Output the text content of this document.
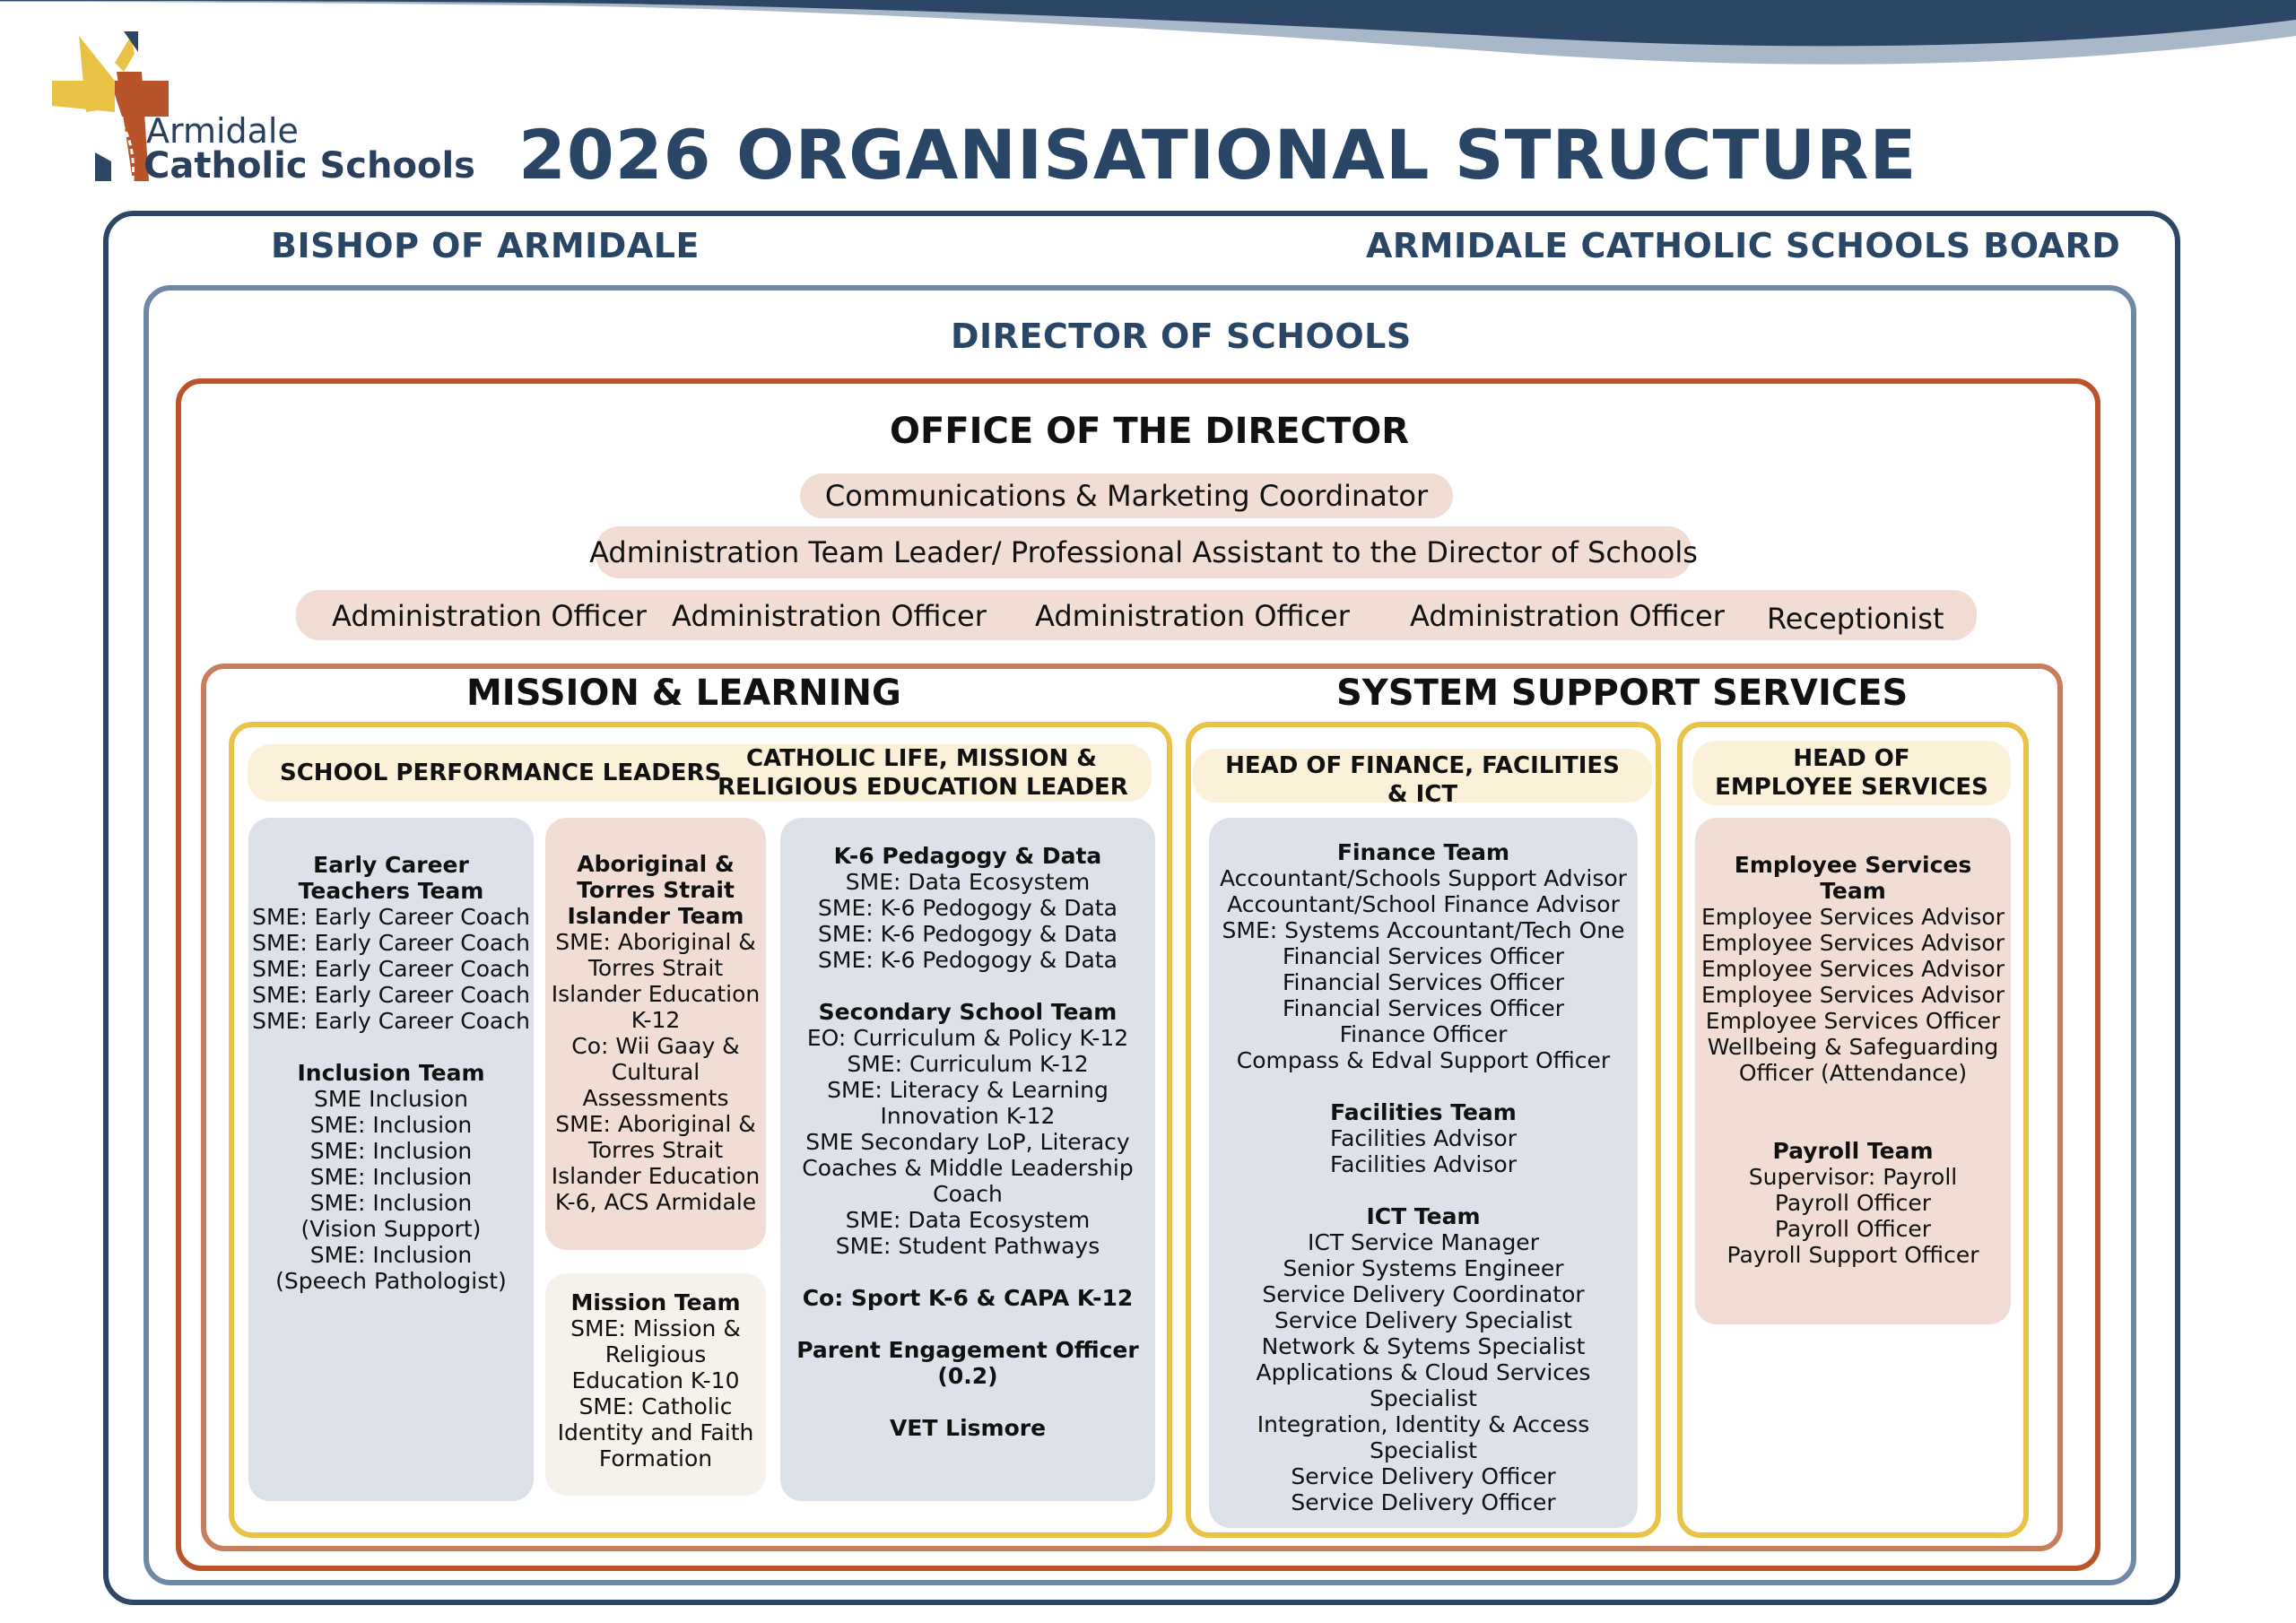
Armidale
Catholic Schools 2026 ORGANISATIONAL STRUCTURE
BISHOP OF ARMIDALE	ARMIDALE CATHOLIC SCHOOLS BOARD
DIRECTOR OF SCHOOLS
OFFICE OF THE DIRECTOR
Communications & Marketing Coordinator
Administration Team Leader/ Professional Assistant to the Director of Schools
Administration Officer Administration Officer Administration Officer Administration Officer Receptionist
MISSION & LEARNING	SYSTEM SUPPORT SERVICES
SCHOOL PERFORMANCE LEADERS
CATHOLIC LIFE, MISSION &
RELIGIOUS EDUCATION LEADER
HEAD OF FINANCE, FACILITIES
& ICT
HEAD OF
EMPLOYEE SERVICES
Early Career
Teachers Team
SME: Early Career Coach
SME: Early Career Coach
SME: Early Career Coach
SME: Early Career Coach
SME: Early Career Coach
Inclusion Team
SME Inclusion
SME: Inclusion
SME: Inclusion
SME: Inclusion
SME: Inclusion
(Vision Support)
SME: Inclusion
(Speech Pathologist)
Aboriginal &
Torres Strait
Islander Team
SME: Aboriginal &
Torres Strait
Islander Education
K-12
Co: Wii Gaay &
Cultural
Assessments
SME: Aboriginal &
Torres Strait
Islander Education
K-6, ACS Armidale
Mission Team
SME: Mission &
Religious
Education K-10
SME: Catholic
Identity and Faith
Formation
K-6 Pedagogy & Data
SME: Data Ecosystem
SME: K-6 Pedogogy & Data
SME: K-6 Pedogogy & Data
SME: K-6 Pedogogy & Data
Secondary School Team
EO: Curriculum & Policy K-12
SME: Curriculum K-12
SME: Literacy & Learning
Innovation K-12
SME Secondary LoP, Literacy
Coaches & Middle Leadership
Coach
SME: Data Ecosystem
SME: Student Pathways
Co: Sport K-6 & CAPA K-12
Parent Engagement Officer
(0.2)
VET Lismore
Finance Team
Accountant/Schools Support Advisor
Accountant/School Finance Advisor
SME: Systems Accountant/Tech One
Financial Services Officer
Financial Services Officer
Financial Services Officer
Finance Officer
Compass & Edval Support Officer
Facilities Team
Facilities Advisor
Facilities Advisor
ICT Team
ICT Service Manager
Senior Systems Engineer
Service Delivery Coordinator
Service Delivery Specialist
Network & Sytems Specialist
Applications & Cloud Services
Specialist
Integration, Identity & Access
Specialist
Service Delivery Officer
Service Delivery Officer
Employee Services
Team
Employee Services Advisor
Employee Services Advisor
Employee Services Advisor
Employee Services Advisor
Employee Services Officer
Wellbeing & Safeguarding
Officer (Attendance)
Payroll Team
Supervisor: Payroll
Payroll Officer
Payroll Officer
Payroll Support Officer
